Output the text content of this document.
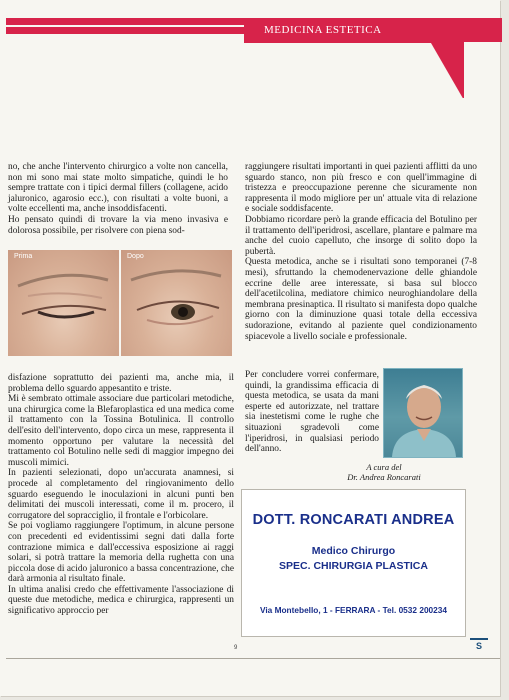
MEDICINA ESTETICA

no, che anche l'intervento chirurgico a volte non cancella, non mi sono mai state molto simpatiche, quindi le ho sempre trattate con i tipici dermal fillers (collagene, acido jaluronico, agarosio ecc.), con risultati a volte buoni, a volte eccellenti ma, anche insoddisfacenti.

Ho pensato quindi di trovare la via meno invasiva e dolorosa possibile, per risolvere con piena sod-

Prima	Dopo

disfazione soprattutto dei pazienti ma, anche mia, il problema dello sguardo appesantito e triste.

Mi è sembrato ottimale associare due particolari metodiche, una chirurgica come la Blefaroplastica ed una medica come il trattamento con la Tossina Botulinica. Il controllo dell'esito dell'intervento, dopo circa un mese, rappresenta il momento opportuno per valutare la necessità del trattamento col Botulino nelle sedi di maggior impegno dei muscoli mimici.

In pazienti selezionati, dopo un'accurata anamnesi, si procede al completamento del ringiovanimento dello sguardo eseguendo le inoculazioni in alcuni punti ben delimitati dei muscoli interessati, come il m. procero, il corrugatore del sopracciglio, il frontale e l'orbicolare.

Se poi vogliamo raggiungere l'optimum, in alcune persone con precedenti ed evidentissimi segni dati dalla forte contrazione mimica e dall'eccessiva esposizione ai raggi solari, si potrà trattare la memoria della rughetta con una piccola dose di acido jaluronico a bassa concentrazione, che darà armonia al risultato finale.

In ultima analisi credo che effettivamente l'associazione di queste due metodiche, medica e chirurgica, rappresenti un significativo approccio per

raggiungere risultati importanti in quei pazienti afflitti da uno sguardo stanco, non più fresco e con quell'immagine di tristezza e preoccupazione perenne che sicuramente non rappresenta il modo migliore per un' attuale vita di relazione e sociale soddisfacente.

Dobbiamo ricordare però la grande efficacia del Botulino per il trattamento dell'iperidrosi, ascellare, plantare e palmare ma anche del cuoio capelluto, che insorge di solito dopo la pubertà.

Questa metodica, anche se i risultati sono temporanei (7-8 mesi), sfruttando la chemodenervazione delle ghiandole eccrine delle aree interessate, si basa sul blocco dell'acetilcolina, mediatore chimico neuroghiandolare della membrana presinaptica. Il risultato si manifesta dopo qualche giorno con la diminuzione quasi totale della eccessiva sudorazione, evitando al paziente quel condizionamento spiacevole a livello sociale e professionale.

Per concludere vorrei confermare, quindi, la grandissima efficacia di questa metodica, se usata da mani esperte ed autorizzate, nel trattare sia inestetismi come le rughe che situazioni sgradevoli come l'iperidrosi, in qualsiasi periodo dell'anno.

A cura del
Dr. Andrea Roncarati
DOTT. RONCARATI ANDREA
Medico Chirurgo
SPEC. CHIRURGIA PLASTICA
Via Montebello, 1 - FERRARA - Tel. 0532 200234
9	S
